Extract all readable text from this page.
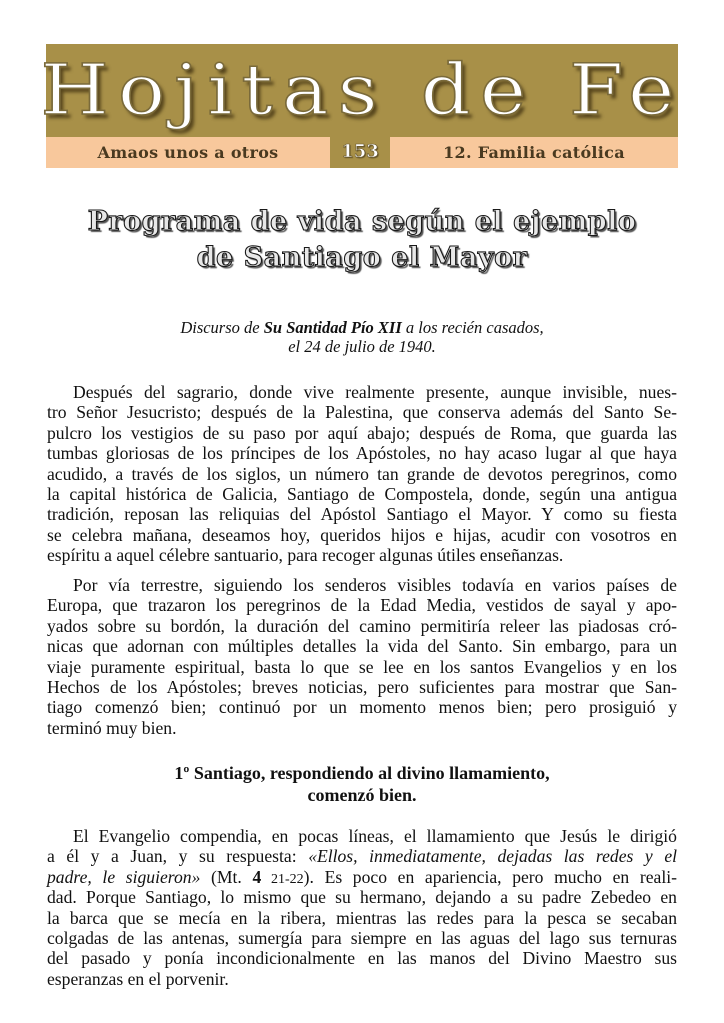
Hojitas de Fe
Amaos unos a otros	153	12. Familia católica
Programa de vida según el ejemplo
de Santiago el Mayor
Discurso de Su Santidad Pío XII a los recién casados,
el 24 de julio de 1940.
Después del sagrario, donde vive realmente presente, aunque invisible, nues-
tro Señor Jesucristo; después de la Palestina, que conserva además del Santo Se-
pulcro los vestigios de su paso por aquí abajo; después de Roma, que guarda las
tumbas gloriosas de los príncipes de los Apóstoles, no hay acaso lugar al que haya
acudido, a través de los siglos, un número tan grande de devotos peregrinos, como
la capital histórica de Galicia, Santiago de Compostela, donde, según una antigua
tradición, reposan las reliquias del Apóstol Santiago el Mayor. Y como su fiesta
se celebra mañana, deseamos hoy, queridos hijos e hijas, acudir con vosotros en
espíritu a aquel célebre santuario, para recoger algunas útiles enseñanzas.
Por vía terrestre, siguiendo los senderos visibles todavía en varios países de
Europa, que trazaron los peregrinos de la Edad Media, vestidos de sayal y apo-
yados sobre su bordón, la duración del camino permitiría releer las piadosas cró-
nicas que adornan con múltiples detalles la vida del Santo. Sin embargo, para un
viaje puramente espiritual, basta lo que se lee en los santos Evangelios y en los
Hechos de los Apóstoles; breves noticias, pero suficientes para mostrar que San-
tiago comenzó bien; continuó por un momento menos bien; pero prosiguió y
terminó muy bien.
1º Santiago, respondiendo al divino llamamiento,
comenzó bien.
El Evangelio compendia, en pocas líneas, el llamamiento que Jesús le dirigió
a él y a Juan, y su respuesta: «Ellos, inmediatamente, dejadas las redes y el
padre, le siguieron» (Mt. 4 21-22). Es poco en apariencia, pero mucho en reali-
dad. Porque Santiago, lo mismo que su hermano, dejando a su padre Zebedeo en
la barca que se mecía en la ribera, mientras las redes para la pesca se secaban
colgadas de las antenas, sumergía para siempre en las aguas del lago sus ternuras
del pasado y ponía incondicionalmente en las manos del Divino Maestro sus
esperanzas en el porvenir.
